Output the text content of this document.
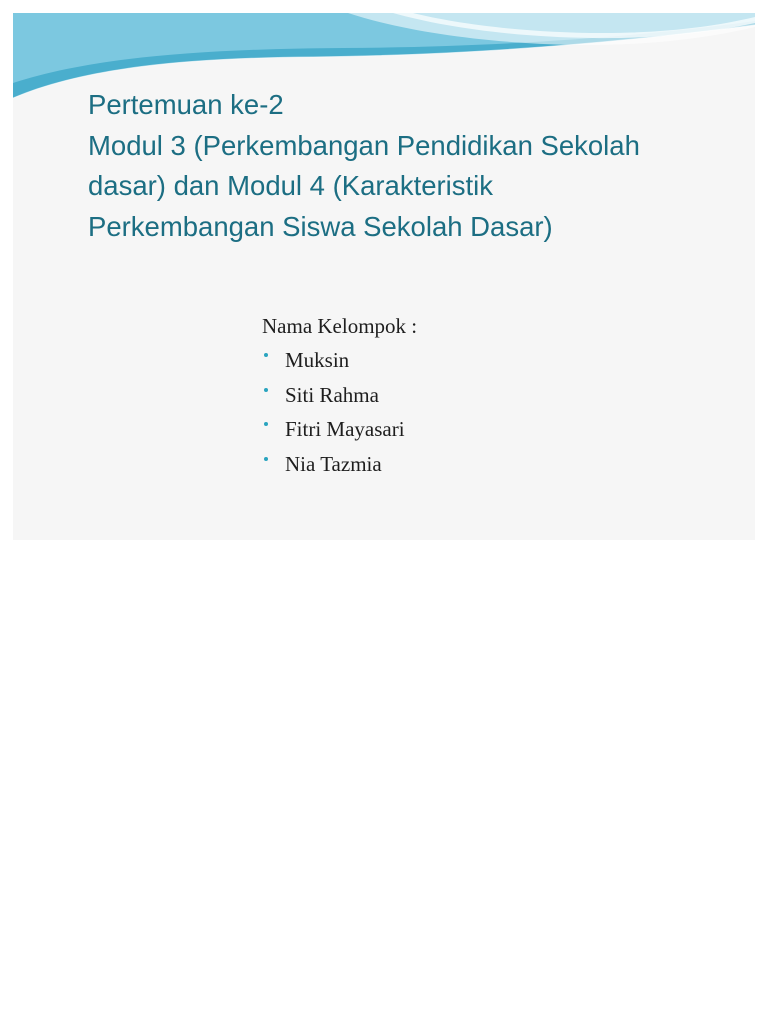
Pertemuan ke-2
Modul 3 (Perkembangan Pendidikan Sekolah
dasar) dan Modul 4 (Karakteristik
Perkembangan Siswa Sekolah Dasar)
Nama Kelompok :
Muksin
Siti Rahma
Fitri Mayasari
Nia Tazmia
